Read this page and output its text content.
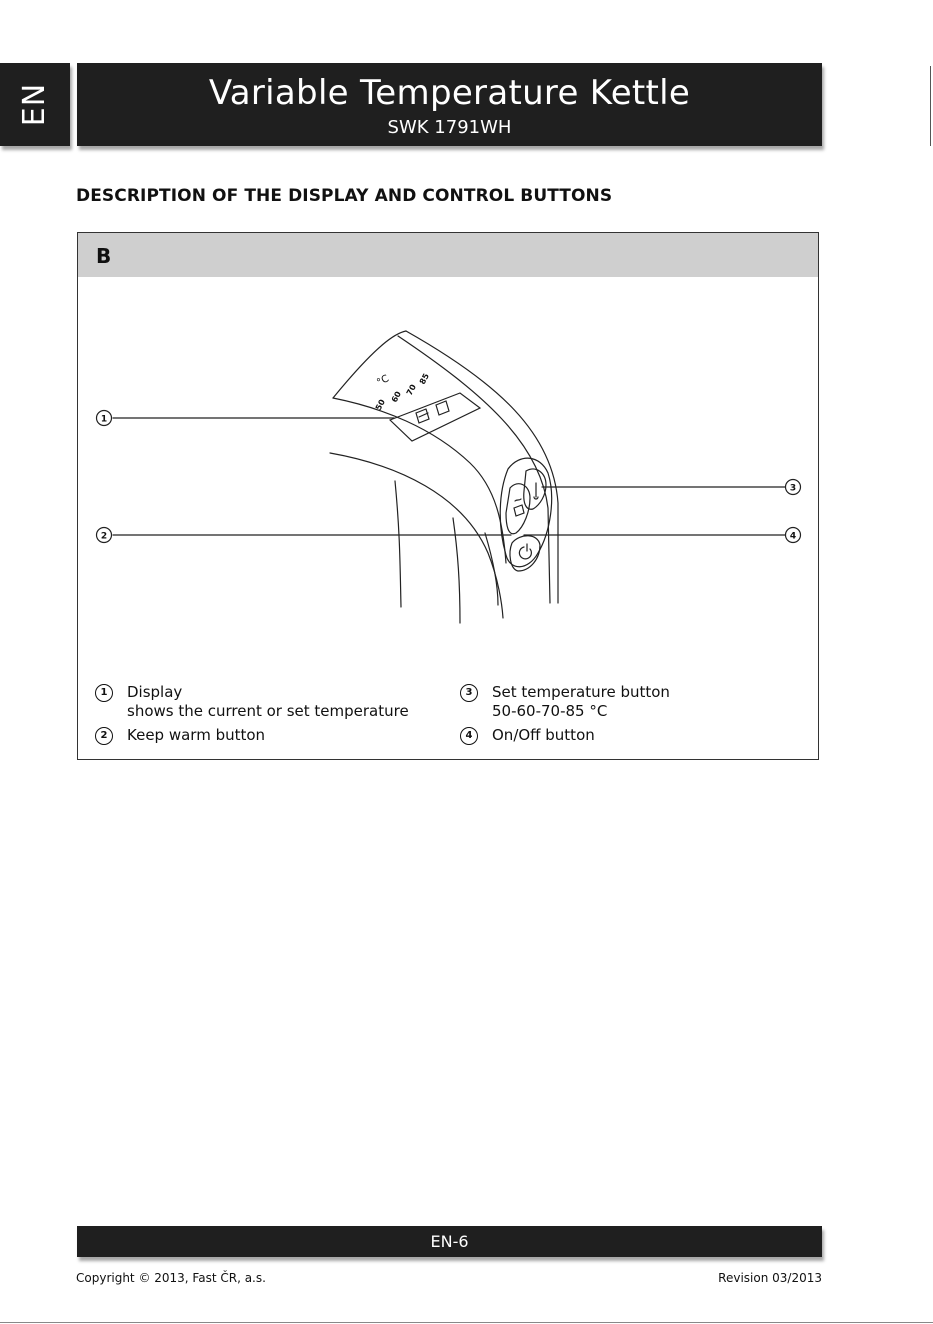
EN	Variable Temperature Kettle
SWK 1791WH
DESCRIPTION OF THE DISPLAY AND CONTROL BUTTONS
B
°C
50
60 70
85
1
2
3
4
1	Display
shows the current or set temperature
2	Keep warm button
3	Set temperature button
50-60-70-85 °C
4	On/Off button
EN-6
Copyright © 2013, Fast ČR, a.s.	Revision 03/2013
